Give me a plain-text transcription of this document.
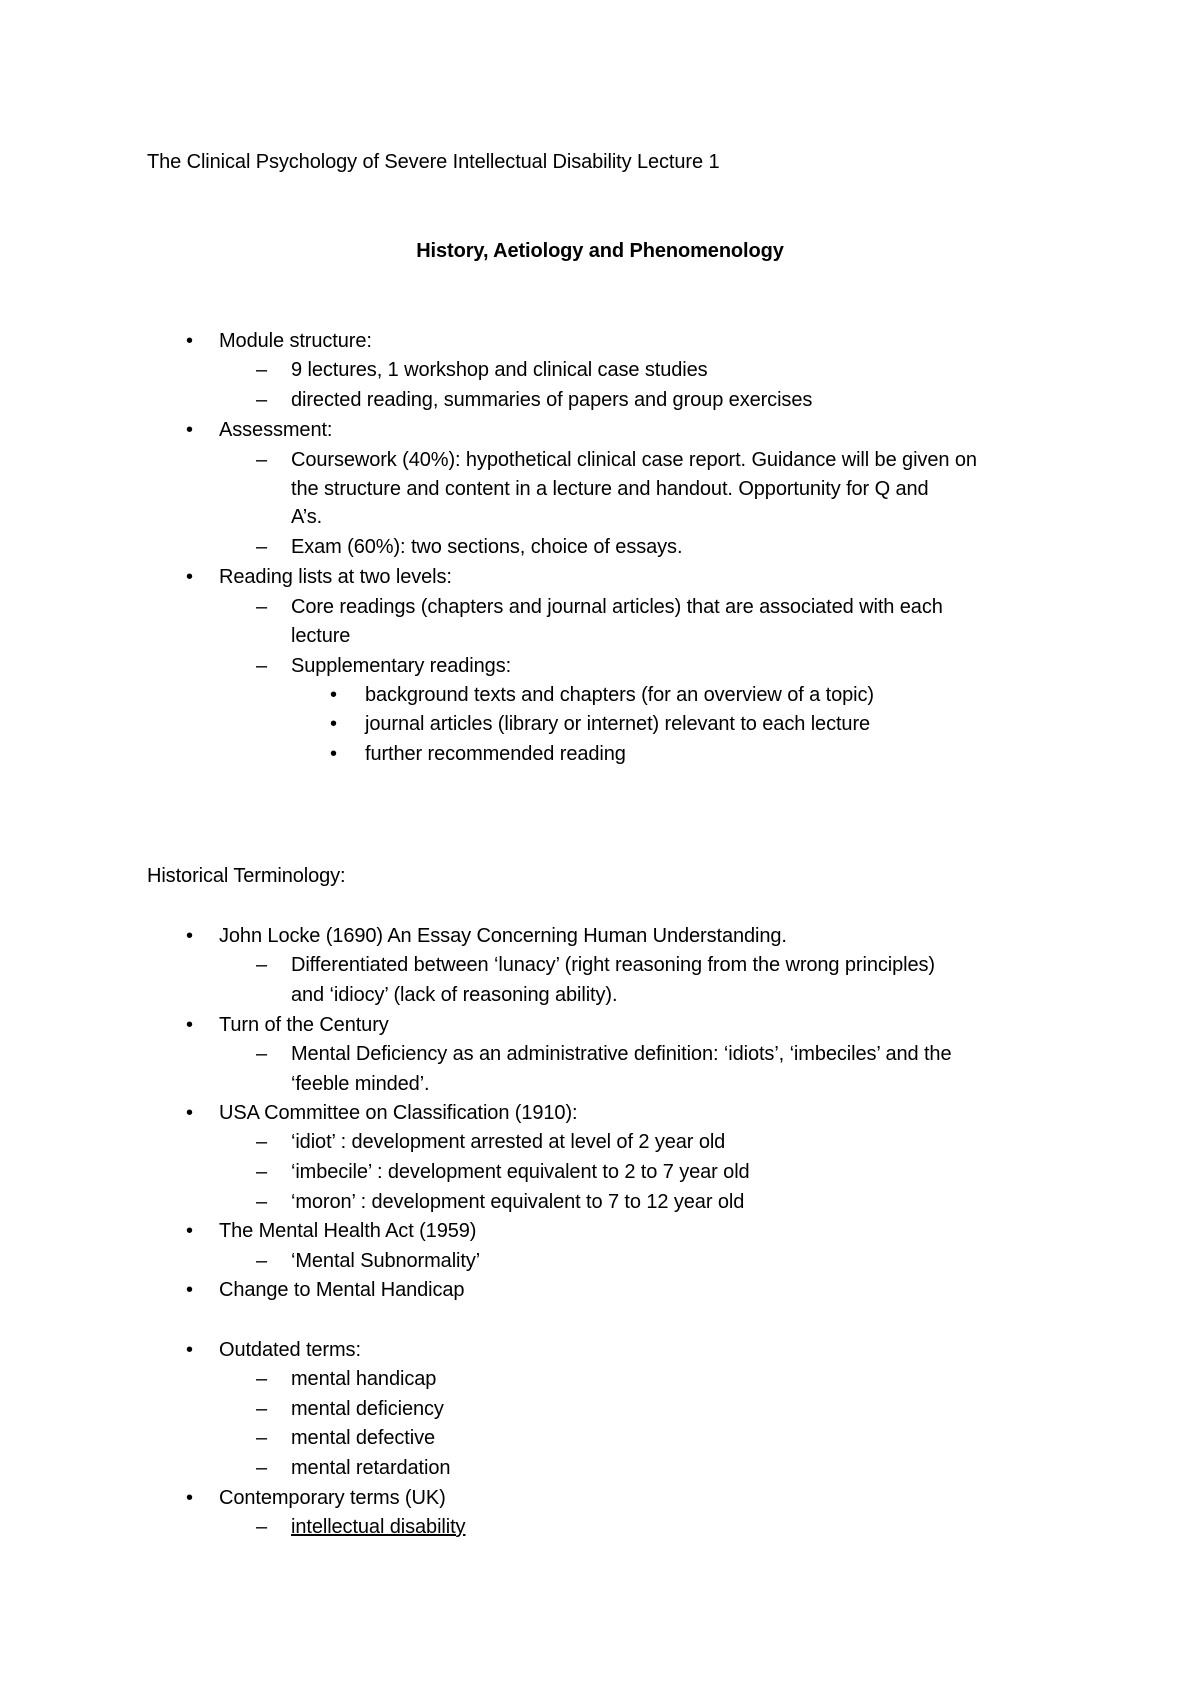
The Clinical Psychology of Severe Intellectual Disability Lecture 1
History, Aetiology and Phenomenology
• Module structure:
–	9 lectures, 1 workshop and clinical case studies
–	directed reading, summaries of papers and group exercises
• Assessment:
–	Coursework (40%): hypothetical clinical case report. Guidance will be given on
the structure and content in a lecture and handout. Opportunity for Q and
A’s.
–	Exam (60%): two sections, choice of essays.
• Reading lists at two levels:
–	Core readings (chapters and journal articles) that are associated with each
lecture
–	Supplementary readings:
• background texts and chapters (for an overview of a topic)
• journal articles (library or internet) relevant to each lecture
• further recommended reading
Historical Terminology:
• John Locke (1690) An Essay Concerning Human Understanding.
–	Differentiated between ‘lunacy’ (right reasoning from the wrong principles)
and ‘idiocy’ (lack of reasoning ability).
• Turn of the Century
–	Mental Deficiency as an administrative definition: ‘idiots’, ‘imbeciles’ and the
‘feeble minded’.
• USA Committee on Classification (1910):
–	‘idiot’ : development arrested at level of 2 year old
–	‘imbecile’ : development equivalent to 2 to 7 year old
–	‘moron’ : development equivalent to 7 to 12 year old
• The Mental Health Act (1959)
–	‘Mental Subnormality’
• Change to Mental Handicap
• Outdated terms:
–	mental handicap
–	mental deficiency
–	mental defective
–	mental retardation
• Contemporary terms (UK)
–	intellectual disability
